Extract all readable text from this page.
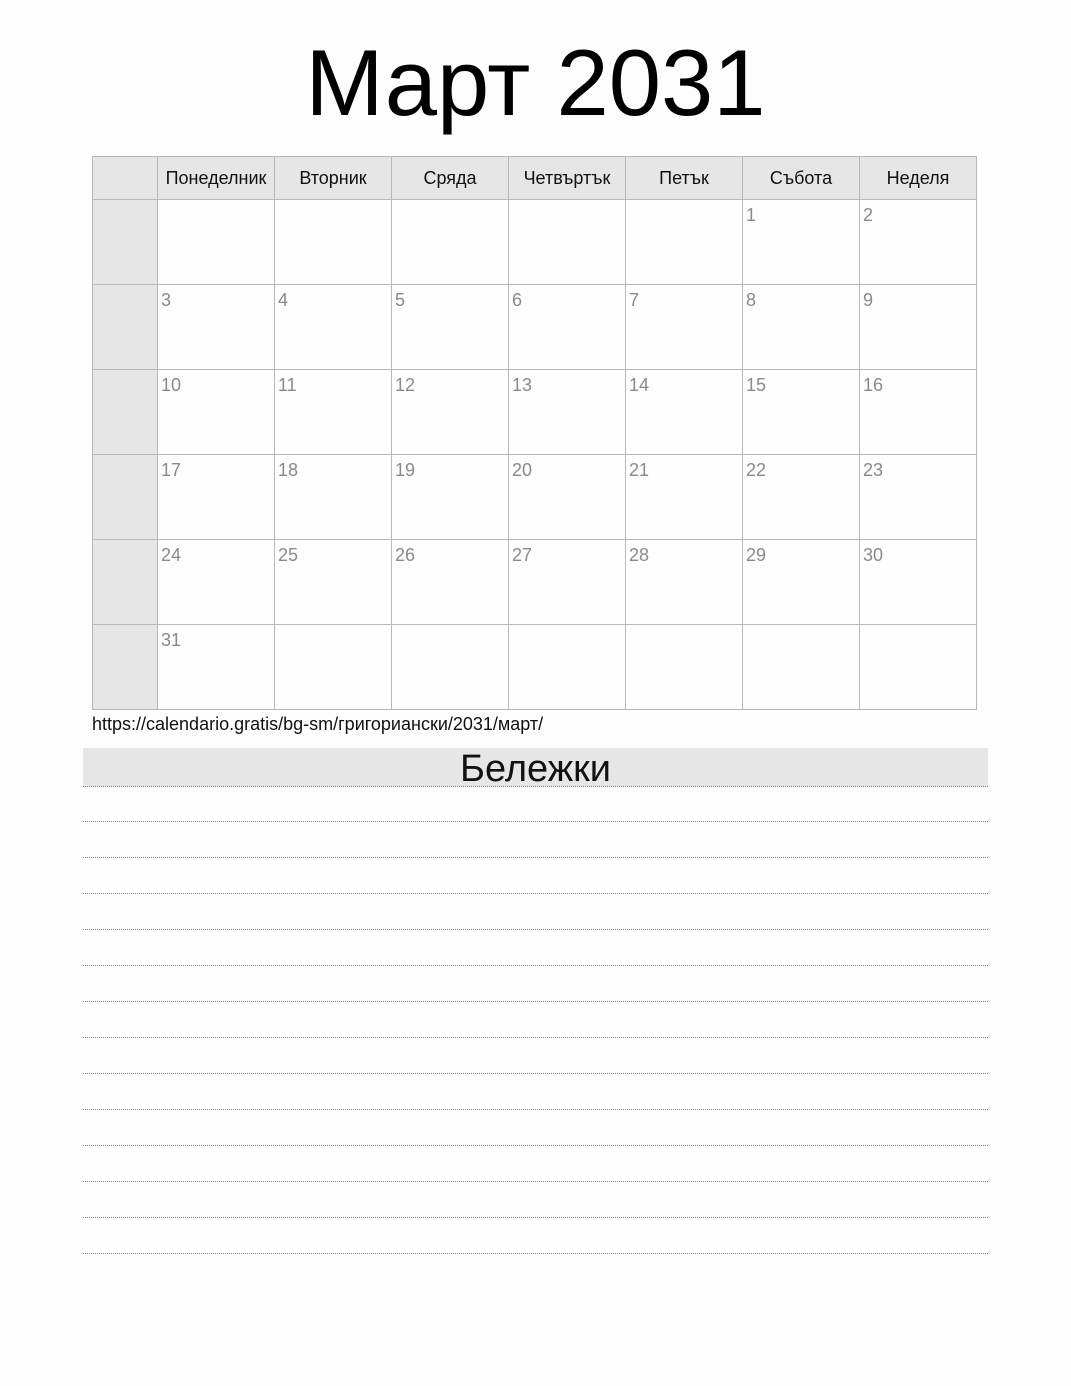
Март 2031
	Понеделник	Вторник	Сряда	Четвъртък	Петък	Събота	Неделя

						1	2

	3	4	5	6	7	8	9

	10	11	12	13	14	15	16

	17	18	19	20	21	22	23

	24	25	26	27	28	29	30

	31						

https://calendario.gratis/bg-sm/григориански/2031/март/
Бележки
